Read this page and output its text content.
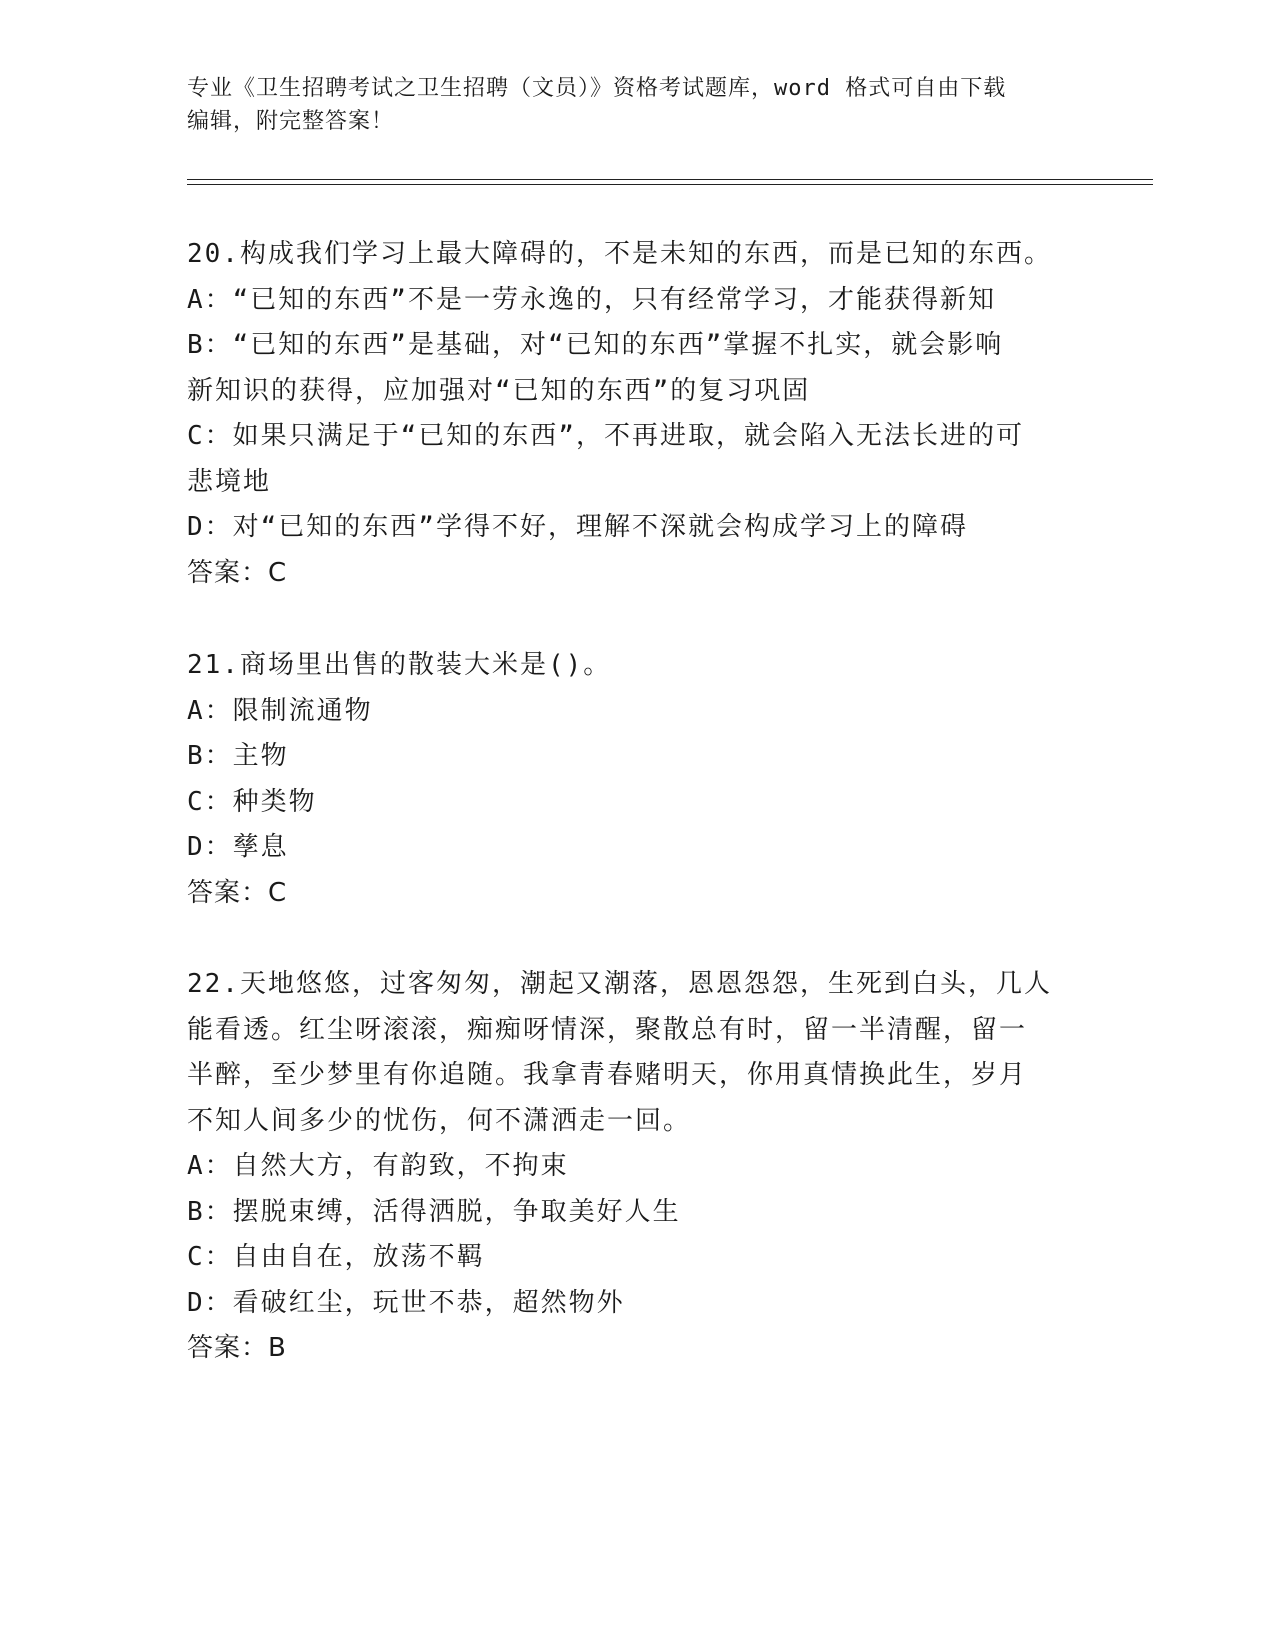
专业《卫生招聘考试之卫生招聘（文员）》资格考试题库，word 格式可自由下载
编辑，附完整答案！
20.构成我们学习上最大障碍的，不是未知的东西，而是已知的东西。
A：“已知的东西”不是一劳永逸的，只有经常学习，才能获得新知
B：“已知的东西”是基础，对“已知的东西”掌握不扎实，就会影响
新知识的获得，应加强对“已知的东西”的复习巩固
C：如果只满足于“已知的东西”，不再进取，就会陷入无法长进的可
悲境地
D：对“已知的东西”学得不好，理解不深就会构成学习上的障碍
答案：C
21.商场里出售的散装大米是()。
A：限制流通物
B：主物
C：种类物
D：孳息
答案：C
22.天地悠悠，过客匆匆，潮起又潮落，恩恩怨怨，生死到白头，几人
能看透。红尘呀滚滚，痴痴呀情深，聚散总有时，留一半清醒，留一
半醉，至少梦里有你追随。我拿青春赌明天，你用真情换此生，岁月
不知人间多少的忧伤，何不潇洒走一回。
A：自然大方，有韵致，不拘束
B：摆脱束缚，活得洒脱，争取美好人生
C：自由自在，放荡不羁
D：看破红尘，玩世不恭，超然物外
答案：B
